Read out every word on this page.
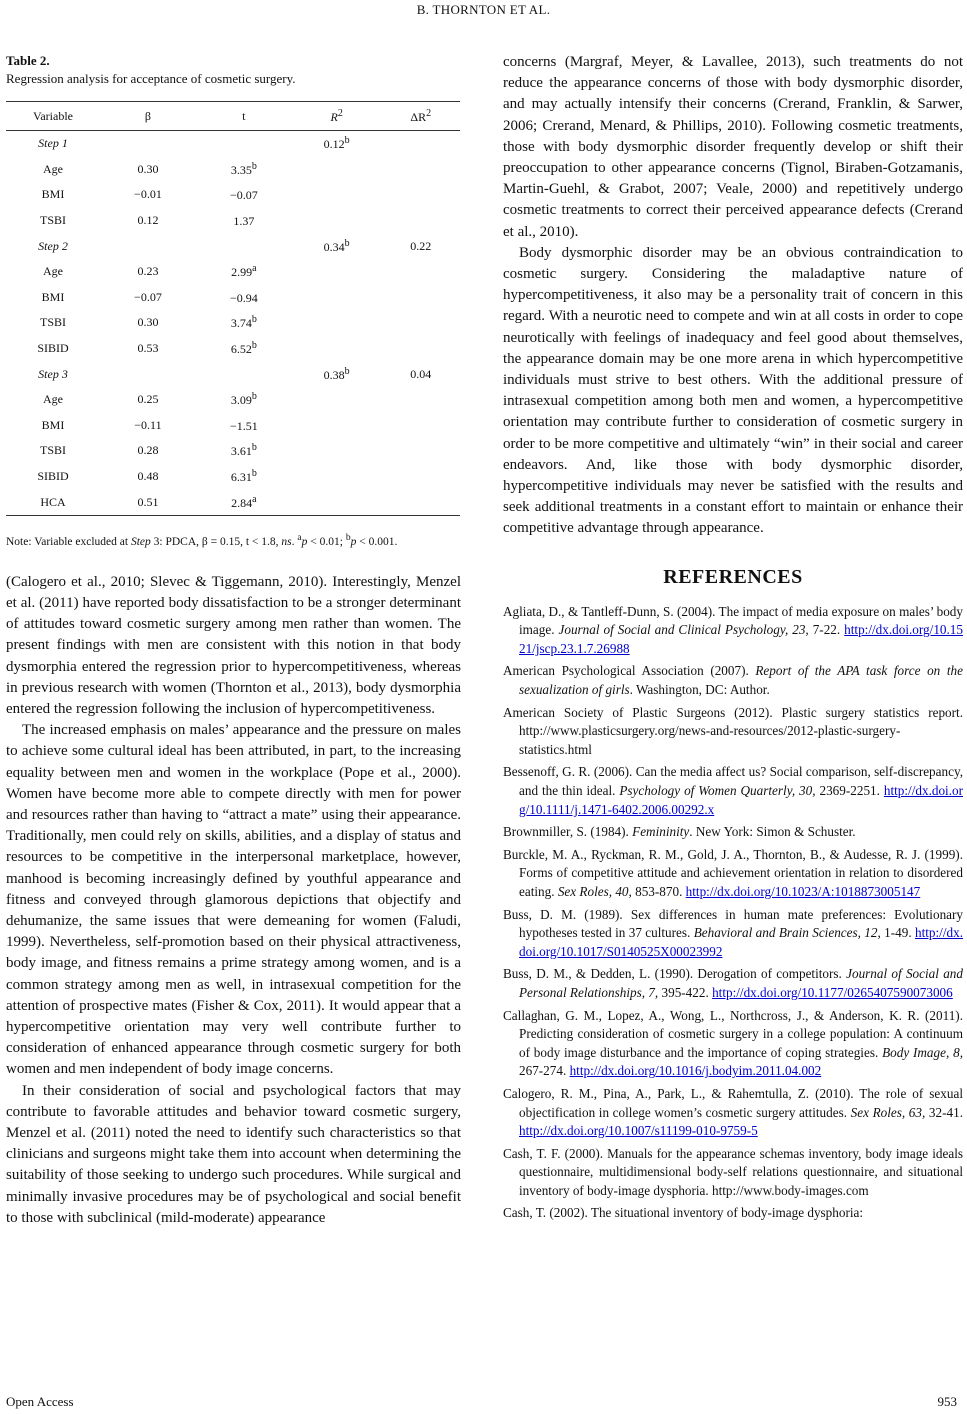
B. THORNTON ET AL.
Table 2.
Regression analysis for acceptance of cosmetic surgery.
Variable	β	t	$R^2$	$\Delta R^2$
Step 1			0.12$^b$	
Age	0.30	3.35$^b$		
BMI	−0.01	−0.07		
TSBI	0.12	1.37		
Step 2			0.34$^b$	0.22
Age	0.23	2.99$^a$		
BMI	−0.07	−0.94		
TSBI	0.30	3.74$^b$		
SIBID	0.53	6.52$^b$		
Step 3			0.38$^b$	0.04
Age	0.25	3.09$^b$		
BMI	−0.11	−1.51		
TSBI	0.28	3.61$^b$		
SIBID	0.48	6.31$^b$		
HCA	0.51	2.84$^a$		
Note: Variable excluded at Step 3: PDCA, β = 0.15, t < 1.8, ns. $^a$p < 0.01; $^b$p < 0.001.

(Calogero et al., 2010; Slevec & Tiggemann, 2010). Interestingly, Menzel et al. (2011) have reported body dissatisfaction to be a stronger determinant of attitudes toward cosmetic surgery among men rather than women. The present findings with men are consistent with this notion in that body dysmorphia entered the regression prior to hypercompetitiveness, whereas in previous research with women (Thornton et al., 2013), body dysmorphia entered the regression following the inclusion of hypercompetitiveness.

The increased emphasis on males’ appearance and the pressure on males to achieve some cultural ideal has been attributed, in part, to the increasing equality between men and women in the workplace (Pope et al., 2000). Women have become more able to compete directly with men for power and resources rather than having to “attract a mate” using their appearance. Traditionally, men could rely on skills, abilities, and a display of status and resources to be competitive in the interpersonal marketplace, however, manhood is becoming increasingly defined by youthful appearance and fitness and conveyed through glamorous depictions that objectify and dehumanize, the same issues that were demeaning for women (Faludi, 1999). Nevertheless, self-promotion based on their physical attractiveness, body image, and fitness remains a prime strategy among women, and is a common strategy among men as well, in intrasexual competition for the attention of prospective mates (Fisher & Cox, 2011). It would appear that a hypercompetitive orientation may very well contribute further to consideration of enhanced appearance through cosmetic surgery for both women and men independent of body image concerns.

In their consideration of social and psychological factors that may contribute to favorable attitudes and behavior toward cosmetic surgery, Menzel et al. (2011) noted the need to identify such characteristics so that clinicians and surgeons might take them into account when determining the suitability of those seeking to undergo such procedures. While surgical and minimally invasive procedures may be of psychological and social benefit to those with subclinical (mild-moderate) appearance

concerns (Margraf, Meyer, & Lavallee, 2013), such treatments do not reduce the appearance concerns of those with body dysmorphic disorder, and may actually intensify their concerns (Crerand, Franklin, & Sarwer, 2006; Crerand, Menard, & Phillips, 2010). Following cosmetic treatments, those with body dysmorphic disorder frequently develop or shift their preoccupation to other appearance concerns (Tignol, Biraben-Gotzamanis, Martin-Guehl, & Grabot, 2007; Veale, 2000) and repetitively undergo cosmetic treatments to correct their perceived appearance defects (Crerand et al., 2010).

Body dysmorphic disorder may be an obvious contraindication to cosmetic surgery. Considering the maladaptive nature of hypercompetitiveness, it also may be a personality trait of concern in this regard. With a neurotic need to compete and win at all costs in order to cope neurotically with feelings of inadequacy and feel good about themselves, the appearance domain may be one more arena in which hypercompetitive individuals must strive to best others. With the additional pressure of intrasexual competition among both men and women, a hypercompetitive orientation may contribute further to consideration of cosmetic surgery in order to be more competitive and ultimately “win” in their social and career endeavors. And, like those with body dysmorphic disorder, hypercompetitive individuals may never be satisfied with the results and seek additional treatments in a constant effort to maintain or enhance their competitive advantage through appearance.

REFERENCES
Agliata, D., & Tantleff-Dunn, S. (2004). The impact of media exposure on males’ body image. Journal of Social and Clinical Psychology, 23, 7-22. http://dx.doi.org/10.1521/jscp.23.1.7.26988
American Psychological Association (2007). Report of the APA task force on the sexualization of girls. Washington, DC: Author.
American Society of Plastic Surgeons (2012). Plastic surgery statistics report. http://www.plasticsurgery.org/news-and-resources/2012-plastic-surgery-statistics.html
Bessenoff, G. R. (2006). Can the media affect us? Social comparison, self-discrepancy, and the thin ideal. Psychology of Women Quarterly, 30, 2369-2251. http://dx.doi.org/10.1111/j.1471-6402.2006.00292.x
Brownmiller, S. (1984). Femininity. New York: Simon & Schuster.
Burckle, M. A., Ryckman, R. M., Gold, J. A., Thornton, B., & Audesse, R. J. (1999). Forms of competitive attitude and achievement orientation in relation to disordered eating. Sex Roles, 40, 853-870. http://dx.doi.org/10.1023/A:1018873005147
Buss, D. M. (1989). Sex differences in human mate preferences: Evolutionary hypotheses tested in 37 cultures. Behavioral and Brain Sciences, 12, 1-49. http://dx.doi.org/10.1017/S0140525X00023992
Buss, D. M., & Dedden, L. (1990). Derogation of competitors. Journal of Social and Personal Relationships, 7, 395-422. http://dx.doi.org/10.1177/0265407590073006
Callaghan, G. M., Lopez, A., Wong, L., Northcross, J., & Anderson, K. R. (2011). Predicting consideration of cosmetic surgery in a college population: A continuum of body image disturbance and the importance of coping strategies. Body Image, 8, 267-274. http://dx.doi.org/10.1016/j.bodyim.2011.04.002
Calogero, R. M., Pina, A., Park, L., & Rahemtulla, Z. (2010). The role of sexual objectification in college women’s cosmetic surgery attitudes. Sex Roles, 63, 32-41. http://dx.doi.org/10.1007/s11199-010-9759-5
Cash, T. F. (2000). Manuals for the appearance schemas inventory, body image ideals questionnaire, multidimensional body-self relations questionnaire, and situational inventory of body-image dysphoria. http://www.body-images.com
Cash, T. (2002). The situational inventory of body-image dysphoria:
Open Access	953
